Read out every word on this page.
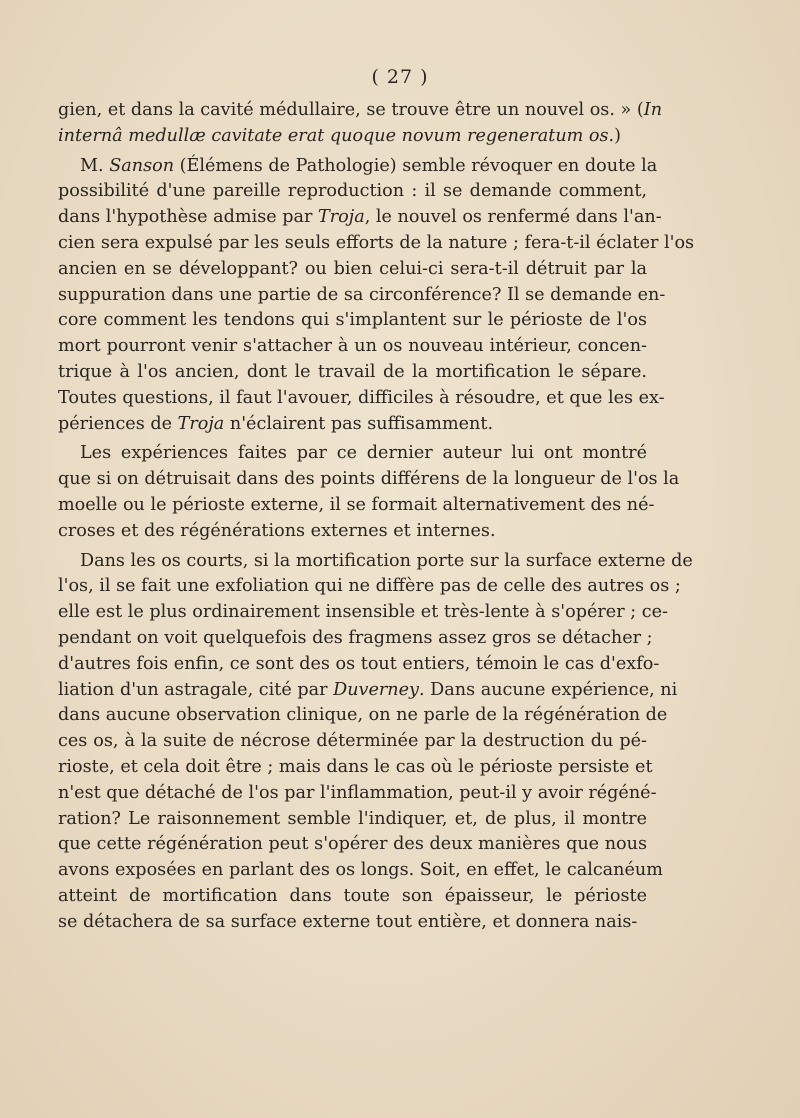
( 27 )
gien, et dans la cavité médullaire, se trouve être un nouvel os. » (In
internâ medullæ cavitate erat quoque novum regeneratum os.)
M. Sanson (Élémens de Pathologie) semble révoquer en doute la
possibilité d'une pareille reproduction : il se demande comment,
dans l'hypothèse admise par Troja, le nouvel os renfermé dans l'an-
cien sera expulsé par les seuls efforts de la nature ; fera-t-il éclater l'os
ancien en se développant? ou bien celui-ci sera-t-il détruit par la
suppuration dans une partie de sa circonférence? Il se demande en-
core comment les tendons qui s'implantent sur le périoste de l'os
mort pourront venir s'attacher à un os nouveau intérieur, concen-
trique à l'os ancien, dont le travail de la mortification le sépare.
Toutes questions, il faut l'avouer, difficiles à résoudre, et que les ex-
périences de Troja n'éclairent pas suffisamment.
Les expériences faites par ce dernier auteur lui ont montré
que si on détruisait dans des points différens de la longueur de l'os la
moelle ou le périoste externe, il se formait alternativement des né-
croses et des régénérations externes et internes.
Dans les os courts, si la mortification porte sur la surface externe de
l'os, il se fait une exfoliation qui ne diffère pas de celle des autres os ;
elle est le plus ordinairement insensible et très-lente à s'opérer ; ce-
pendant on voit quelquefois des fragmens assez gros se détacher ;
d'autres fois enfin, ce sont des os tout entiers, témoin le cas d'exfo-
liation d'un astragale, cité par Duverney. Dans aucune expérience, ni
dans aucune observation clinique, on ne parle de la régénération de
ces os, à la suite de nécrose déterminée par la destruction du pé-
rioste, et cela doit être ; mais dans le cas où le périoste persiste et
n'est que détaché de l'os par l'inflammation, peut-il y avoir régéné-
ration? Le raisonnement semble l'indiquer, et, de plus, il montre
que cette régénération peut s'opérer des deux manières que nous
avons exposées en parlant des os longs. Soit, en effet, le calcanéum
atteint de mortification dans toute son épaisseur, le périoste
se détachera de sa surface externe tout entière, et donnera nais-
